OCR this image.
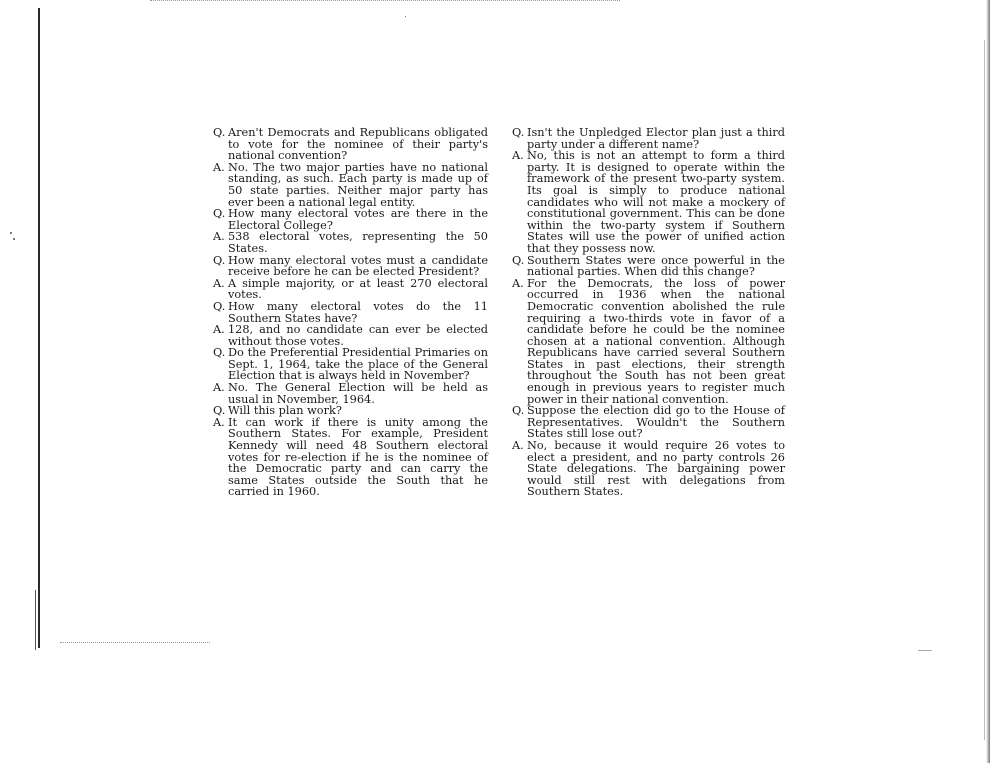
Q. Aren't Democrats and Republicans obligated to vote for the nominee of their party's national convention?
A. No. The two major parties have no national standing, as such. Each party is made up of 50 state parties. Neither major party has ever been a national legal entity.
Q. How many electoral votes are there in the Electoral College?
A. 538 electoral votes, representing the 50 States.
Q. How many electoral votes must a candidate receive before he can be elected President?
A. A simple majority, or at least 270 electoral votes.
Q. How many electoral votes do the 11 Southern States have?
A. 128, and no candidate can ever be elected without those votes.
Q. Do the Preferential Presidential Primaries on Sept. 1, 1964, take the place of the General Election that is always held in November?
A. No. The General Election will be held as usual in November, 1964.
Q. Will this plan work?
A. It can work if there is unity among the Southern States. For example, President Kennedy will need 48 Southern electoral votes for re-election if he is the nominee of the Democratic party and can carry the same States outside the South that he carried in 1960.
Q. Isn't the Unpledged Elector plan just a third party under a different name?
A. No, this is not an attempt to form a third party. It is designed to operate within the framework of the present two-party system. Its goal is simply to produce national candidates who will not make a mockery of constitutional government. This can be done within the two-party system if Southern States will use the power of unified action that they possess now.
Q. Southern States were once powerful in the national parties. When did this change?
A. For the Democrats, the loss of power occurred in 1936 when the national Democratic convention abolished the rule requiring a two-thirds vote in favor of a candidate before he could be the nominee chosen at a national convention. Although Republicans have carried several Southern States in past elections, their strength throughout the South has not been great enough in previous years to register much power in their national convention.
Q. Suppose the election did go to the House of Representatives. Wouldn't the Southern States still lose out?
A. No, because it would require 26 votes to elect a president, and no party controls 26 State delegations. The bargaining power would still rest with delegations from Southern States.
